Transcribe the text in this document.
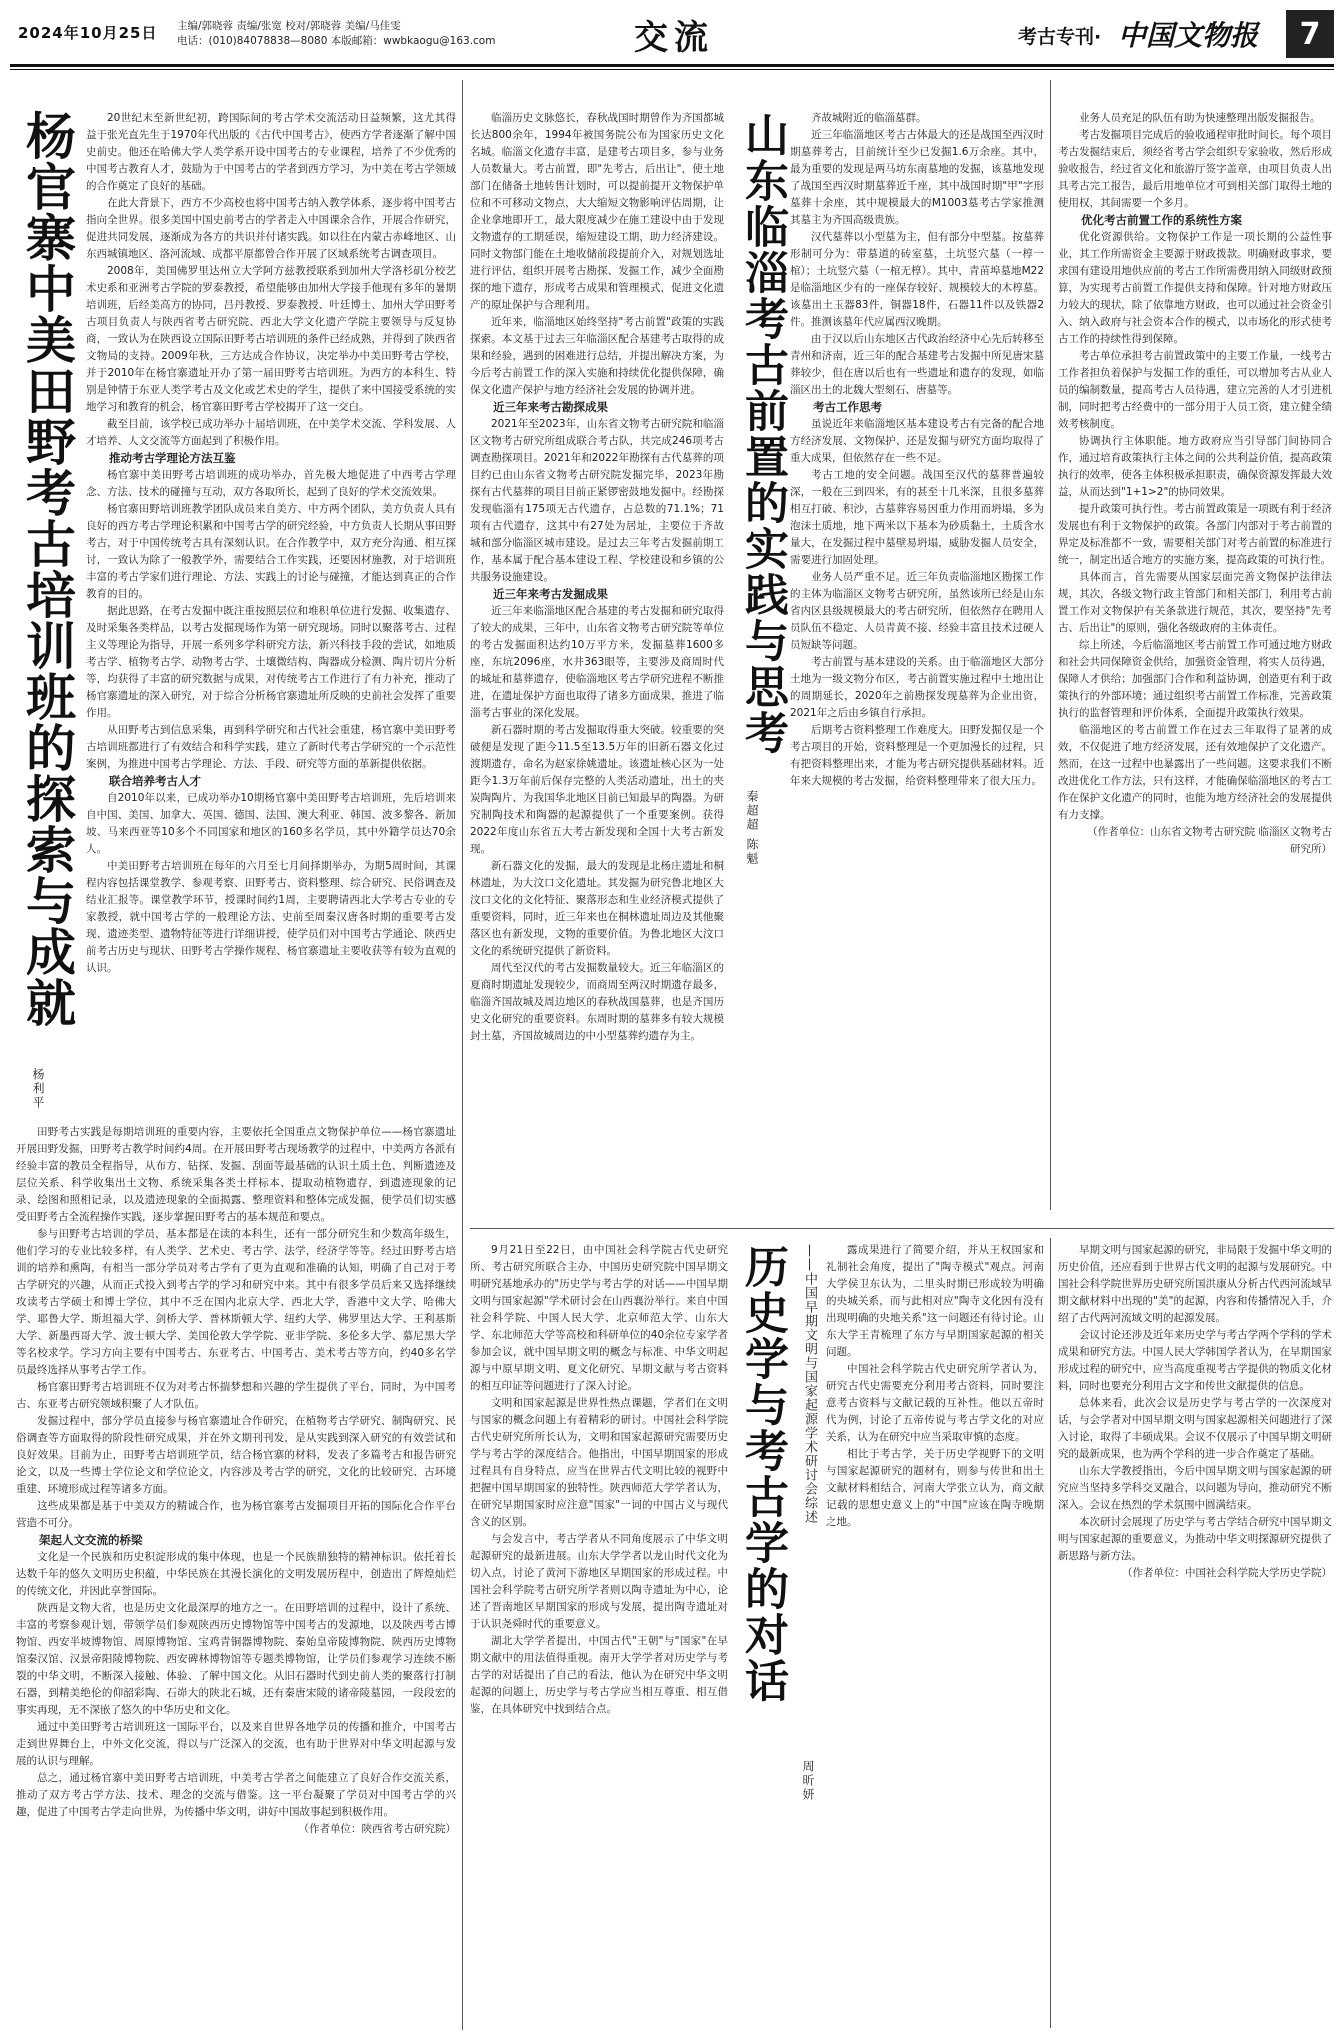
2024年10月25日 主编/郭晓蓉 责编/张宽 校对/郭晓蓉 美编/马佳雯
电话：(010)84078838—8080 本版邮箱：wwbkaogu@163.com	交流	考古专刊· 中国文物报	7
杨官寨中美田野考古培训班的探索与成就
杨利平

20世纪末至新世纪初，跨国际间的考古学术交流活动日益频繁，这尤其得益于张光直先生于1970年代出版的《古代中国考古》，使西方学者逐渐了解中国史前史。他还在哈佛大学人类学系开设中国考古的专业课程，培养了不少优秀的中国考古教育人才，鼓励为于中国考古的学者到西方学习，为中美在考古学领域的合作奠定了良好的基础。

在此大背景下，西方不少高校也将中国考古纳入教学体系，逐步将中国考古指向全世界。很多美国中国史前考古的学者走入中国课余合作，开展合作研究，促进共同发展，逐渐成为各方的共识并付诸实践。如以往在内蒙古赤峰地区、山东西城镇地区、洛河流域、成都平原都曾合作开展了区域系统考古调查项目。

2008年，美国佛罗里达州立大学阿方兹教授联系到加州大学洛杉矶分校艺术史系和亚洲考古学院的罗泰教授，希望能够由加州大学接手他现有多年的暑期培训班，后经美高方的协同，吕丹教授、罗泰教授、叶廷博士、加州大学田野考古项目负责人与陕西省考古研究院、西北大学文化遗产学院主要领导与反复协商，一致认为在陕西设立国际田野考古培训班的条件已经成熟，并得到了陕西省文物局的支持。2009年秋，三方达成合作协议，决定举办中美田野考古学校，并于2010年在杨官寨遗址开办了第一届田野考古培训班。为西方的本科生、特别是钟情于东亚人类学考古及文化或艺术史的学生，提供了来中国接受系统的实地学习和教育的机会，杨官寨田野考古学校揭开了这一交白。

截至目前，该学校已成功举办十届培训班，在中美学术交流、学科发展、人才培养、人文交流等方面起到了积极作用。

推动考古学理论方法互鉴

杨官寨中美田野考古培训班的成功举办，首先极大地促进了中西考古学理念、方法、技术的碰撞与互动，双方各取所长，起到了良好的学术交流效果。

杨官寨田野培训班教学团队成员来自美方、中方两个团队，美方负责人具有良好的西方考古学理论积累和中国考古学的研究经验，中方负责人长期从事田野考古，对于中国传统考古具有深刻认识。在合作教学中，双方充分沟通、相互探讨，一致认为除了一般教学外，需要结合工作实践，还要因材施教，对于培训班丰富的考古学家们进行理论、方法、实践上的讨论与碰撞，才能达到真正的合作教育的目的。

据此思路，在考古发掘中既注重按照层位和堆积单位进行发掘、收集遗存、及时采集各类样品，以考古发掘现场作为第一研究现场。同时以聚落考古、过程主义等理论为指导，开展一系列多学科研究方法，新兴科技手段的尝试，如地质考古学、植物考古学、动物考古学、土壤微结构、陶器成分检测、陶片切片分析等，均获得了丰富的研究数据与成果，对传统考古工作进行了有力补充，推动了杨官寨遗址的深入研究，对于综合分析杨官寨遗址所反映的史前社会发挥了重要作用。

从田野考古到信息采集，再到科学研究和古代社会重建，杨官寨中美田野考古培训班都进行了有效结合和科学实践，建立了新时代考古学研究的一个示范性案例，为推进中国考古学理论、方法、手段、研究等方面的革新提供依据。

联合培养考古人才

自2010年以来，已成功举办10期杨官寨中美田野考古培训班，先后培训来自中国、美国、加拿大、英国、德国、法国、澳大利亚、韩国、波多黎各、新加坡、马来西亚等10多个不同国家和地区的160多名学员，其中外籍学员达70余人。

中美田野考古培训班在每年的六月至七月间择期举办，为期5周时间，其课程内容包括课堂教学、参观考察、田野考古、资料整理、综合研究、民俗调查及结业汇报等。课堂教学环节，授课时间约1周，主要聘请西北大学考古专业的专家教授，就中国考古学的一般理论方法、史前至周秦汉唐各时期的重要考古发现、遗迹类型、遗物特征等进行详细讲授，使学员们对中国考古学通论、陕西史前考古历史与现状、田野考古学操作规程、杨官寨遗址主要收获等有较为直观的认识。

田野考古实践是每期培训班的重要内容，主要依托全国重点文物保护单位——杨官寨遗址开展田野发掘，田野考古教学时间约4周。在开展田野考古现场教学的过程中，中美两方各派有经验丰富的教员全程指导，从布方、钻探、发掘、刮面等最基础的认识土质土色、判断遗迹及层位关系、科学收集出土文物、系统采集各类土样标本、提取动植物遗存，到遗迹现象的记录、绘图和照相记录，以及遗迹现象的全面揭露、整理资料和整体完成发掘，使学员们切实感受田野考古全流程操作实践，逐步掌握田野考古的基本规范和要点。

参与田野考古培训的学员，基本都是在读的本科生，还有一部分研究生和少数高年级生，他们学习的专业比较多样，有人类学、艺术史、考古学、法学，经济学等等。经过田野考古培训的培养和熏陶，有相当一部分学员对考古学有了更为直观和准确的认知，明确了自己对于考古学研究的兴趣，从而正式投入到考古学的学习和研究中来。其中有很多学员后来又选择继续攻读考古学硕士和博士学位，其中不乏在国内北京大学、西北大学，香港中文大学、哈佛大学、耶鲁大学、斯坦福大学、剑桥大学、普林斯顿大学、纽约大学、佛罗里达大学、王利基斯大学、新墨西哥大学、波士顿大学、美国伦敦大学学院、亚非学院、多伦多大学、慕尼黑大学等名校求学。学习方向主要有中国考古、东亚考古、中国考古、美术考古等方向，约40多名学员最终选择从事考古学工作。

杨官寨田野考古培训班不仅为对考古怀揣梦想和兴趣的学生提供了平台，同时，为中国考古、东亚考古研究领域积聚了人才队伍。

发掘过程中，部分学员直接参与杨官寨遗址合作研究，在植物考古学研究、制陶研究、民俗调查等方面取得的阶段性研究成果，并在外文期刊刊发，是从实践到深入研究的有效尝试和良好效果。目前为止，田野考古培训班学员，结合杨官寨的材料，发表了多篇考古和报告研究论文，以及一些博士学位论文和学位论文，内容涉及考古学的研究，文化的比较研究、古环境重建、环境形成过程等诸多方面。

这些成果都是基于中美双方的精诚合作，也为杨官寨考古发掘项目开拓的国际化合作平台营造不可分。

架起人文交流的桥梁

文化是一个民族和历史积淀形成的集中体现，也是一个民族鼎独特的精神标识。依托着长达数千年的悠久文明历史积蕴，中华民族在其漫长演化的文明发展历程中，创造出了辉煌灿烂的传统文化，并因此享誉国际。

陕西是文物大省，也是历史文化最深厚的地方之一。在田野培训的过程中，设计了系统、丰富的考察参观计划，带领学员们参观陕西历史博物馆等中国考古的发源地，以及陕西考古博物馆、西安半坡博物馆、周原博物馆、宝鸡青铜器博物院、秦始皇帝陵博物院、陕西历史博物馆秦汉馆、汉景帝阳陵博物院、西安碑林博物馆等专题类博物馆，让学员们参观学习连续不断裂的中华文明，不断深入接触、体验、了解中国文化。从旧石器时代到史前人类的聚落行打制石器，到精美绝伦的仰韶彩陶、石峁大的陕北石城，还有秦唐宋陵的诸帝陵墓园，一段段宏的事实再现，无不深嵌了悠久的中华历史和文化。

通过中美田野考古培训班这一国际平台，以及来自世界各地学员的传播和推介，中国考古走到世界舞台上，中外文化交流，得以与广泛深入的交流，也有助于世界对中华文明起源与发展的认识与理解。

总之，通过杨官寨中美田野考古培训班，中美考古学者之间能建立了良好合作交流关系，推动了双方考古学方法、技术、理念的交流与借鉴。这一平台凝聚了学员对中国考古学的兴趣，促进了中国考古学走向世界，为传播中华文明，讲好中国故事起到积极作用。

（作者单位：陕西省考古研究院）

临淄历史文脉悠长，春秋战国时期曾作为齐国都城长达800余年，1994年被国务院公布为国家历史文化名城。临淄文化遗存丰富，是建考古项目多，参与业务人员数量大。考古前置，即"先考古，后出让"，使土地部门在储备土地转售计划时，可以提前提开文物保护单位和不可移动文物点，大大缩短文物影响评估周期，让企业拿地即开工，最大限度减少在施工建设中由于发现文物遗存的工期延误，缩短建设工期，助力经济建设。同时文物部门能在土地收储前段提前介入，对规划选址进行评估，组织开展考古勘探、发掘工作，减少全面勘探的地下遗存，形成考古成果和管理模式，促进文化遗产的原址保护与合理利用。

近年来，临淄地区始终坚持"考古前置"政策的实践探索。本文基于过去三年临淄区配合基建考古取得的成果和经验，遇到的困难进行总结，并提出解决方案，为今后考古前置工作的深入实施和持续优化提供保障，确保文化遗产保护与地方经济社会发展的协调并进。

近三年来考古勘探成果

2021年至2023年，山东省文物考古研究院和临淄区文物考古研究所组成联合考古队，共完成246项考古调查勘探项目。2021年和2022年勘探有古代墓葬的项目约已由山东省文物考古研究院发掘完毕，2023年勘探有古代墓葬的项目目前正紧锣密鼓地发掘中。经勘探发现临淄有175项无古代遗存，占总数的71.1%；71项有古代遗存，这其中有27处为居址，主要位于齐故城和部分临淄区城市建设。是过去三年考古发掘前期工作，基本属于配合基本建设工程、学校建设和乡镇的公共服务设施建设。

近三年来考古发掘成果

近三年来临淄地区配合基建的考古发掘和研究取得了较大的成果，三年中，山东省文物考古研究院等单位的考古发掘面积达约10万平方米，发掘墓葬1600多座，东坑2096座，水井363眼等，主要涉及商周时代的城址和墓葬遗存，使临淄地区考古学研究进程不断推进，在遗址保护方面也取得了诸多方面成果，推进了临淄考古事业的深化发展。

新石器时期的考古发掘取得重大突破。较重要的突破便是发现了距今11.5至13.5万年的旧新石器文化过渡期遗存，命名为赵家徐姚遗址。该遗址核心区为一处距今1.3万年前后保存完整的人类活动遗址，出土的夹炭陶陶片、为我国华北地区目前已知最早的陶器。为研究制陶技术和陶器的起源提供了一个重要案例。获得2022年度山东省五大考古新发现和全国十大考古新发现。

新石器文化的发掘，最大的发现是北杨庄遗址和桐林遗址，为大汶口文化遗址。其发掘为研究鲁北地区大汶口文化的文化特征、聚落形态和生业经济模式提供了重要资料，同时，近三年来也在桐林遗址周边及其他聚落区也有新发现，文物的重要价值。为鲁北地区大汶口文化的系统研究提供了新资料。

周代至汉代的考古发掘数量较大。近三年临淄区的夏商时期遗址发现较少，而商周至两汉时期遗存最多，临淄齐国故城及周边地区的春秋战国墓葬，也是齐国历史文化研究的重要资料。东周时期的墓葬多有较大规模封土墓，齐国故城周边的中小型墓葬约遗存为主。

山东临淄考古前置的实践与思考
秦超超 陈魁

齐故城附近的临淄墓群。

近三年临淄地区考古古体最大的还是战国至西汉时期墓葬考古，目前统计至少已发掘1.6万余座。其中，最为重要的发现是两马坊东南墓地的发掘，该墓地发现了战国至西汉时期墓葬近千座，其中战国时期"甲"字形墓葬十余座，其中规模最大的M1003墓考古学家推测其墓主为齐国高级贵族。

汉代墓葬以小型墓为主，但有部分中型墓。按墓葬形制可分为：带墓道的砖室墓，土坑竖穴墓（一椁一棺）；土坑竖穴墓（一棺无椁）。其中，青苗埠墓地M22是临淄地区少有的一座保存较好、规模较大的木椁墓。该墓出土玉器83件，铜器18件，石器11件以及铁器2件。推测该墓年代应属西汉晚期。

由于汉以后山东地区古代政治经济中心先后转移至青州和济南，近三年的配合基建考古发掘中所见唐宋墓葬较少，但在唐以后也有一些遗址和遗存的发现，如临淄区出土的北魏大型刻石、唐墓等。

考古工作思考

虽说近年来临淄地区基本建设考古有完备的配合地方经济发展、文物保护、还是发掘与研究方面均取得了重大成果，但依然存在一些不足。

考古工地的安全问题。战国至汉代的墓葬普遍较深，一般在三到四米，有的甚至十几米深，且很多墓葬相互打破、积沙，古墓葬容易因重力作用而坍塌，多为泡沫土质地，地下两米以下基本为砂质黏土，土质含水量大，在发掘过程中墓壁易坍塌，威胁发掘人员安全，需要进行加固处理。

业务人员严重不足。近三年负责临淄地区勘探工作的主体为临淄区文物考古研究所，虽然该所已经是山东省内区县级规模最大的考古研究所，但依然存在聘用人员队伍不稳定、人员青黄不接、经验丰富且技术过硬人员短缺等问题。

考古前置与基本建设的关系。由于临淄地区大部分土地为一级文物分布区，考古前置实施过程中土地出让的周期延长，2020年之前勘探发现墓葬为企业出资，2021年之后由乡镇自行承担。

后期考古资料整理工作难度大。田野发掘仅是一个考古项目的开始，资料整理是一个更加漫长的过程，只有把资料整理出来，才能为考古研究提供基础材料。近年来大规模的考古发掘，给资料整理带来了很大压力。

业务人员充足的队伍有助为快速整理出版发掘报告。

考古发掘项目完成后的验收通程审批时间长。每个项目考古发掘结束后，须经省考古学会组织专家验收，然后形成验收报告，经过省文化和旅游厅签字盖章，由项目负责人出具考古完工报告，最后用地单位才可到相关部门取得土地的使用权，其间需要一个多月。

优化考古前置工作的系统性方案

优化资源供给。文物保护工作是一项长期的公益性事业，其工作所需资金主要源于财政拨款。明确财政事求，要求国有建设用地供应前的考古工作所需费用纳入同级财政预算，为实现考古前置工作提供支持和保障。针对地方财政压力较大的现状，除了依靠地方财政，也可以通过社会资金引入、纳入政府与社会资本合作的模式，以市场化的形式使考古工作的持续性得到保障。

考古单位承担考古前置政策中的主要工作量，一线考古工作者担负着保护与发掘工作的重任，可以增加考古从业人员的编制数量，提高考古人员待遇，建立完善的人才引进机制，同时把考古经费中的一部分用于人员工资，建立健全绩效考核制度。

协调执行主体职能。地方政府应当引导部门间协同合作，通过培育政策执行主体之间的公共利益价值，提高政策执行的效率，使各主体积极承担职责，确保资源发挥最大效益，从而达到"1+1>2"的协同效果。

提升政策可执行性。考古前置政策是一项既有利于经济发展也有利于文物保护的政策。各部门内部对于考古前置的界定及标准都不一致，需要相关部门对考古前置的标准进行统一，制定出适合地方的实施方案，提高政策的可执行性。

具体而言，首先需要从国家层面完善文物保护法律法规，其次，各级文物行政主管部门和相关部门，利用考古前置工作对文物保护有关条款进行规范，其次，要坚持"先考古、后出让"的原则，强化各级政府的主体责任。

综上所述，今后临淄地区考古前置工作可通过地方财政和社会共同保障资金供给，加强资金管理，将实人员待遇，保障人才供给；加强部门合作和利益协调，创造更有利于政策执行的外部环境；通过组织考古前置工作标准，完善政策执行的监督管理和评价体系，全面提升政策执行效果。

临淄地区的考古前置工作在过去三年取得了显著的成效，不仅促进了地方经济发展，还有效地保护了文化遗产。然而，在这一过程中也暴露出了一些问题。这要求我们不断改进优化工作方法，只有这样，才能确保临淄地区的考古工作在保护文化遗产的同时，也能为地方经济社会的发展提供有力支撑。

（作者单位：山东省文物考古研究院 临淄区文物考古研究所）

9月21日至22日，由中国社会科学院古代史研究所、考古研究所联合主办，中国历史研究院中国早期文明研究基地承办的"历史学与考古学的对话——中国早期文明与国家起源"学术研讨会在山西襄汾举行。来自中国社会科学院、中国人民大学、北京师范大学、山东大学、东北师范大学等高校和科研单位的40余位专家学者参加会议，就中国早期文明的概念与标准、中华文明起源与中原早期文明、夏文化研究、早期文献与考古资料的相互印证等问题进行了深入讨论。

文明和国家起源是世界性热点课题，学者们在文明与国家的概念问题上有着精彩的研讨。中国社会科学院古代史研究所所长认为，文明和国家起源研究需要历史学与考古学的深度结合。他指出，中国早期国家的形成过程具有自身特点，应当在世界古代文明比较的视野中把握中国早期国家的独特性。陕西师范大学学者认为，在研究早期国家时应注意"国家"一词的中国古义与现代含义的区别。

与会发言中，考古学者从不同角度展示了中华文明起源研究的最新进展。山东大学学者以龙山时代文化为切入点，讨论了黄河下游地区早期国家的形成过程。中国社会科学院考古研究所学者则以陶寺遗址为中心，论述了晋南地区早期国家的形成与发展，提出陶寺遗址对于认识尧舜时代的重要意义。

湖北大学学者提出，中国古代"王朝"与"国家"在早期文献中的用法值得重视。南开大学学者对历史学与考古学的对话提出了自己的看法，他认为在研究中华文明起源的问题上，历史学与考古学应当相互尊重、相互借鉴，在具体研究中找到结合点。

历史学与考古学的对话 ——中国早期文明与国家起源学术研讨会综述
周昕妍

露成果进行了简要介绍，并从王权国家和礼制社会角度，提出了"陶寺模式"观点。河南大学侯卫东认为，二里头时期已形成较为明确的央城关系，而与此相对应"陶寺文化因有没有出现明确的央地关系"这一问题还有待讨论。山东大学王青梳理了东方与早期国家起源的相关问题。

中国社会科学院古代史研究所学者认为，研究古代史需要充分利用考古资料，同时要注意考古资料与文献记载的互补性。他以五帝时代为例，讨论了五帝传说与考古学文化的对应关系，认为在研究中应当采取审慎的态度。

相比于考古学，关于历史学视野下的文明与国家起源研究的题材有，则参与传世和出土文献材料相结合，河南大学张立认为，商文献记载的思想史意义上的"中国"应该在陶寺晚期之地。

早期文明与国家起源的研究，非局限于发掘中华文明的历史价值，还应看到于世界古代文明的起源与发展研究。中国社会科学院世界历史研究所国洪康从分析古代西河流域早期文献材料中出现的"美"的起源，内容和传播情况入手，介绍了古代两河流域文明的起源发展。

会议讨论还涉及近年来历史学与考古学两个学科的学术成果和研究方法。中国人民大学韩国学者认为，在早期国家形成过程的研究中，应当高度重视考古学提供的物质文化材料，同时也要充分利用古文字和传世文献提供的信息。

总体来看，此次会议是历史学与考古学的一次深度对话，与会学者对中国早期文明与国家起源相关问题进行了深入讨论，取得了丰硕成果。会议不仅展示了中国早期文明研究的最新成果，也为两个学科的进一步合作奠定了基础。

山东大学教授指出，今后中国早期文明与国家起源的研究应当坚持多学科交叉融合，以问题为导向，推动研究不断深入。会议在热烈的学术氛围中圆满结束。

本次研讨会展现了历史学与考古学结合研究中国早期文明与国家起源的重要意义，为推动中华文明探源研究提供了新思路与新方法。

（作者单位：中国社会科学院大学历史学院）
